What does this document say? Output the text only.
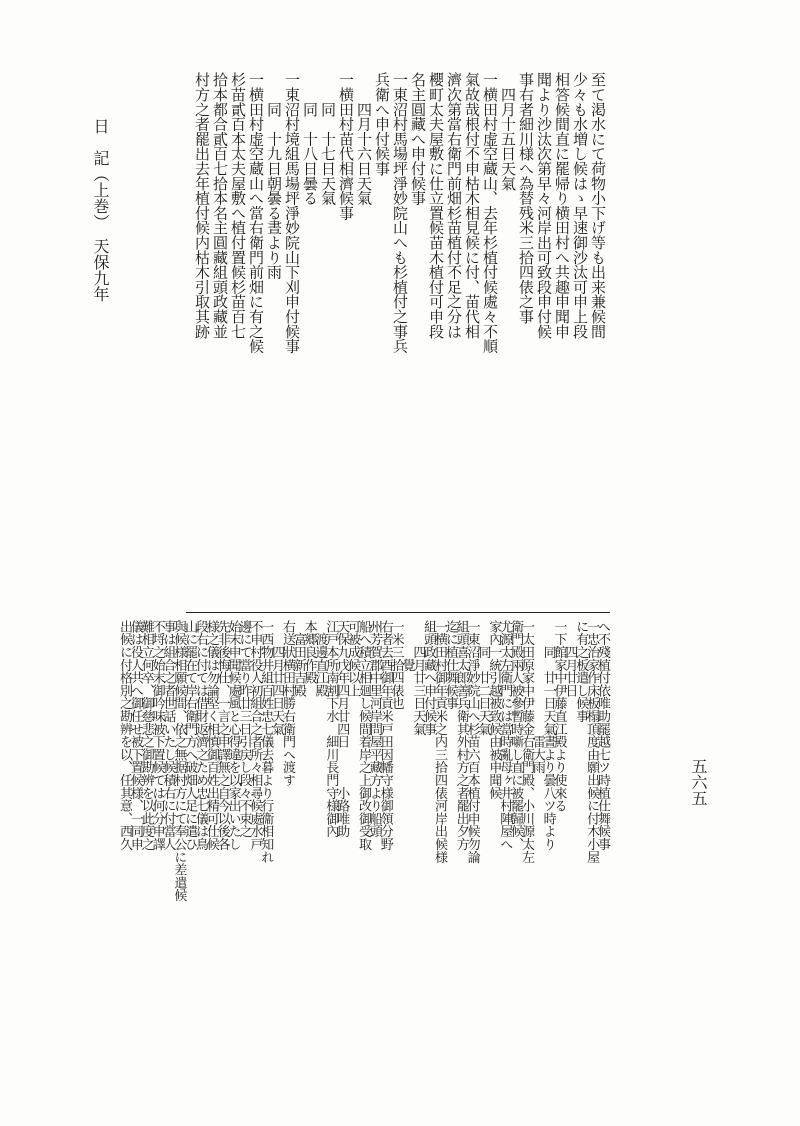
日　記（上巻）　天保九年
五六五
至て渇水にて荷物小下げ等も出来兼候間
少々も水増し候はゝ早速御沙汰可申上段
相答候間直に罷帰り横田村へ共趣申聞申
聞より沙汰次第早々河岸出可致段申付候
事右者細川様へ為替残米三拾四俵之事
　四月十五日天氣
一横田村虚空蔵山、去年杉植付候處々不順
氣故哉根付不申枯木相見候に付、苗代相
濟次第當右衛門前畑杉苗植付不足之分は
櫻町太夫屋敷に仕立置候苗木植付可申段
名主圓藏へ申付候事
一東沼村馬場坪淨妙院山へも杉植付之事兵
兵衛へ申付候事
　　四月十六日天氣
一横田村苗代相濟候事
　　同　十七日天氣
　　同　十八日曇る
一東沼村境組馬場坪淨妙院山下刈申付候事
　　同　十九日朝曇る晝より雨
一横田村虚空蔵山へ當右衛門前畑に有之候
杉苗貳百本太夫屋敷へ植付置候杉苗百七
拾本都合貳百七拾本名主圓藏組頭政藏並
村方之者罷出去年植付候内枯木引取其跡
へ不殘植付依唯助罷越七ツ時植仕舞候事
一忠治家作床板榻頂度由願出候に付木小屋
に有之板遣し候事
　　四月廿日
一下館家中伊藤直江殿より使來る
　　同　廿一日天氣晝より曇八ツ時より
　　　　　　　　　雷大雨
一太田原家中伊藤金右衛門殿、小川源太左
衛門殿兩人被參暫時噺し直に被罷歸候、
尤源太左衛門には當時亂母ヶ井村陣屋へ
家內一統引越被致候由被申聞候
　　同　廿二日天氣
一東沼淨妙院山へ杉苗六百本植付申候勿論
組頭喜太郎善兵衛其外村方之者罷出夕方
迄に植仕舞候事
一横田村御年貢米之内三拾四俵河岸出候様
組頭政藏へ申付候事
　　四月廿三日天氣
　　　覺
一米三拾四俵也
右者去酉御年貢米戸田因幡守様御領分野
州芳賀郡中里河岸問屋平藏方より船頭
船へ積立相廻し候間着岸之上御改御受取
可被成候以上
天保九戊年四月廿四日　　　小路唯助
江戸本所南割下水　細川長門守様御內
　渡邊直江殿
本郷良作殿
　富田新吉殿
右送狀横田村勝右衛門へ渡す
　　四月廿四日天氣
一西物井組百姓忠七儀去暮より行衞相知れ
不申村役人初組合之者所々相尋候處水戸
邊にて當り昨廿三日引戻し段々不束之
始末申聞候處風と心得違を以家出いたし
先非後悔仕、一言之申譯無之自今以後各
様之儀は勿論堅く相慎御百姓出精可仕候
段右に付ては借財返濟之ため忠七儀は鳥
山に罷在て岸右衛門方へ破畑人足に遣ひ
與候様相願候間、依之無据村方にて奉公に差遣候
事は組合之者世話いたし候積右に付當人
不埒之始末御吟味被下置候ては何分申譯
難相立何卒、御慈悲之御勘辨を以此度之
儀は役人共へ御任せ被下置候様、一同申
出候に付格別之勘辨を以、任其意、西久
